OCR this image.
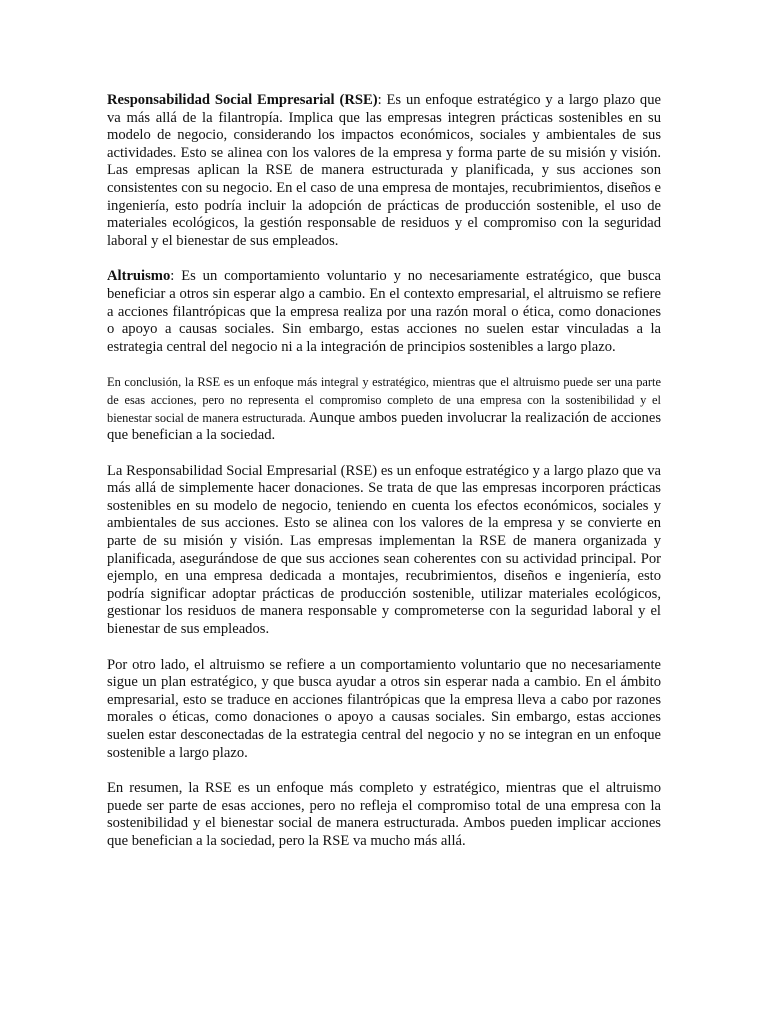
Responsabilidad Social Empresarial (RSE): Es un enfoque estratégico y a largo plazo que va más allá de la filantropía. Implica que las empresas integren prácticas sostenibles en su modelo de negocio, considerando los impactos económicos, sociales y ambientales de sus actividades. Esto se alinea con los valores de la empresa y forma parte de su misión y visión. Las empresas aplican la RSE de manera estructurada y planificada, y sus acciones son consistentes con su negocio. En el caso de una empresa de montajes, recubrimientos, diseños e ingeniería, esto podría incluir la adopción de prácticas de producción sostenible, el uso de materiales ecológicos, la gestión responsable de residuos y el compromiso con la seguridad laboral y el bienestar de sus empleados.

Altruismo: Es un comportamiento voluntario y no necesariamente estratégico, que busca beneficiar a otros sin esperar algo a cambio. En el contexto empresarial, el altruismo se refiere a acciones filantrópicas que la empresa realiza por una razón moral o ética, como donaciones o apoyo a causas sociales. Sin embargo, estas acciones no suelen estar vinculadas a la estrategia central del negocio ni a la integración de principios sostenibles a largo plazo.

En conclusión, la RSE es un enfoque más integral y estratégico, mientras que el altruismo puede ser una parte de esas acciones, pero no representa el compromiso completo de una empresa con la sostenibilidad y el bienestar social de manera estructurada. Aunque ambos pueden involucrar la realización de acciones que benefician a la sociedad.

La Responsabilidad Social Empresarial (RSE) es un enfoque estratégico y a largo plazo que va más allá de simplemente hacer donaciones. Se trata de que las empresas incorporen prácticas sostenibles en su modelo de negocio, teniendo en cuenta los efectos económicos, sociales y ambientales de sus acciones. Esto se alinea con los valores de la empresa y se convierte en parte de su misión y visión. Las empresas implementan la RSE de manera organizada y planificada, asegurándose de que sus acciones sean coherentes con su actividad principal. Por ejemplo, en una empresa dedicada a montajes, recubrimientos, diseños e ingeniería, esto podría significar adoptar prácticas de producción sostenible, utilizar materiales ecológicos, gestionar los residuos de manera responsable y comprometerse con la seguridad laboral y el bienestar de sus empleados.

Por otro lado, el altruismo se refiere a un comportamiento voluntario que no necesariamente sigue un plan estratégico, y que busca ayudar a otros sin esperar nada a cambio. En el ámbito empresarial, esto se traduce en acciones filantrópicas que la empresa lleva a cabo por razones morales o éticas, como donaciones o apoyo a causas sociales. Sin embargo, estas acciones suelen estar desconectadas de la estrategia central del negocio y no se integran en un enfoque sostenible a largo plazo.

En resumen, la RSE es un enfoque más completo y estratégico, mientras que el altruismo puede ser parte de esas acciones, pero no refleja el compromiso total de una empresa con la sostenibilidad y el bienestar social de manera estructurada. Ambos pueden implicar acciones que benefician a la sociedad, pero la RSE va mucho más allá.
